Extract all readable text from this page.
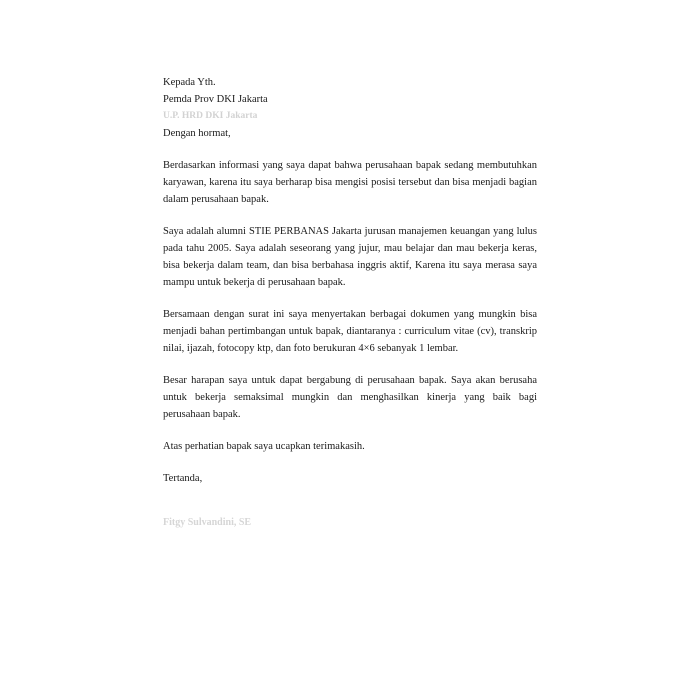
Kepada Yth.
Pemda Prov DKI Jakarta
U.P. HRD DKI Jakarta
Dengan hormat,
Berdasarkan informasi yang saya dapat bahwa perusahaan bapak sedang membutuhkan karyawan, karena itu saya berharap bisa mengisi posisi tersebut dan bisa menjadi bagian dalam perusahaan bapak.
Saya adalah alumni STIE PERBANAS Jakarta jurusan manajemen keuangan yang lulus pada tahu 2005. Saya adalah seseorang yang jujur, mau belajar dan mau bekerja keras, bisa bekerja dalam team, dan bisa berbahasa inggris aktif, Karena itu saya merasa saya mampu untuk bekerja di perusahaan bapak.
Bersamaan dengan surat ini saya menyertakan berbagai dokumen yang mungkin bisa menjadi bahan pertimbangan untuk bapak, diantaranya : curriculum vitae (cv), transkrip nilai, ijazah, fotocopy ktp, dan foto berukuran 4×6 sebanyak 1 lembar.
Besar harapan saya untuk dapat bergabung di perusahaan bapak. Saya akan berusaha untuk bekerja semaksimal mungkin dan menghasilkan kinerja yang baik bagi perusahaan bapak.
Atas perhatian bapak saya ucapkan terimakasih.
Tertanda,
Fitgy Sulvandini, SE
